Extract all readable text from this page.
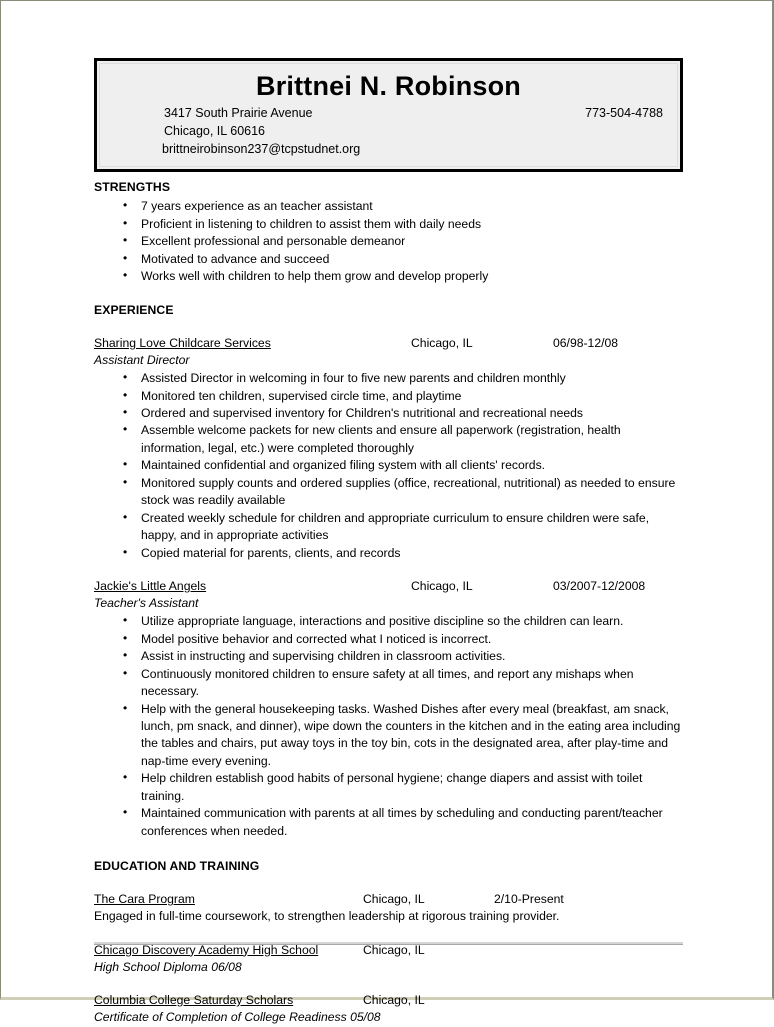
Brittnei N. Robinson
3417 South Prairie Avenue
Chicago, IL 60616
brittneirobinson237@tcpstudnet.org
773-504-4788
STRENGTHS
• 7 years experience as an teacher assistant
• Proficient in listening to children to assist them with daily needs
• Excellent professional and personable demeanor
• Motivated to advance and succeed
• Works well with children to help them grow and develop properly
EXPERIENCE
Sharing Love Childcare Services	Chicago, IL	06/98-12/08
Assistant Director
• Assisted Director in welcoming in four to five new parents and children monthly
• Monitored ten children, supervised circle time, and playtime
• Ordered and supervised inventory for Children's nutritional and recreational needs
• Assemble welcome packets for new clients and ensure all paperwork (registration, health information, legal, etc.) were completed thoroughly
• Maintained confidential and organized filing system with all clients' records.
• Monitored supply counts and ordered supplies (office, recreational, nutritional) as needed to ensure stock was readily available
• Created weekly schedule for children and appropriate curriculum to ensure children were safe, happy, and in appropriate activities
• Copied material for parents, clients, and records
Jackie's Little Angels	Chicago, IL	03/2007-12/2008
Teacher's Assistant
• Utilize appropriate language, interactions and positive discipline so the children can learn.
• Model positive behavior and corrected what I noticed is incorrect.
• Assist in instructing and supervising children in classroom activities.
• Continuously monitored children to ensure safety at all times, and report any mishaps when necessary.
• Help with the general housekeeping tasks. Washed Dishes after every meal (breakfast, am snack, lunch, pm snack, and dinner), wipe down the counters in the kitchen and in the eating area including the tables and chairs, put away toys in the toy bin, cots in the designated area, after play-time and nap-time every evening.
• Help children establish good habits of personal hygiene; change diapers and assist with toilet training.
• Maintained communication with parents at all times by scheduling and conducting parent/teacher conferences when needed.
EDUCATION AND TRAINING
The Cara Program	Chicago, IL	2/10-Present
Engaged in full-time coursework, to strengthen leadership at rigorous training provider.
Chicago Discovery Academy High School	Chicago, IL
High School Diploma 06/08
Columbia College Saturday Scholars	Chicago, IL
Certificate of Completion of College Readiness 05/08
